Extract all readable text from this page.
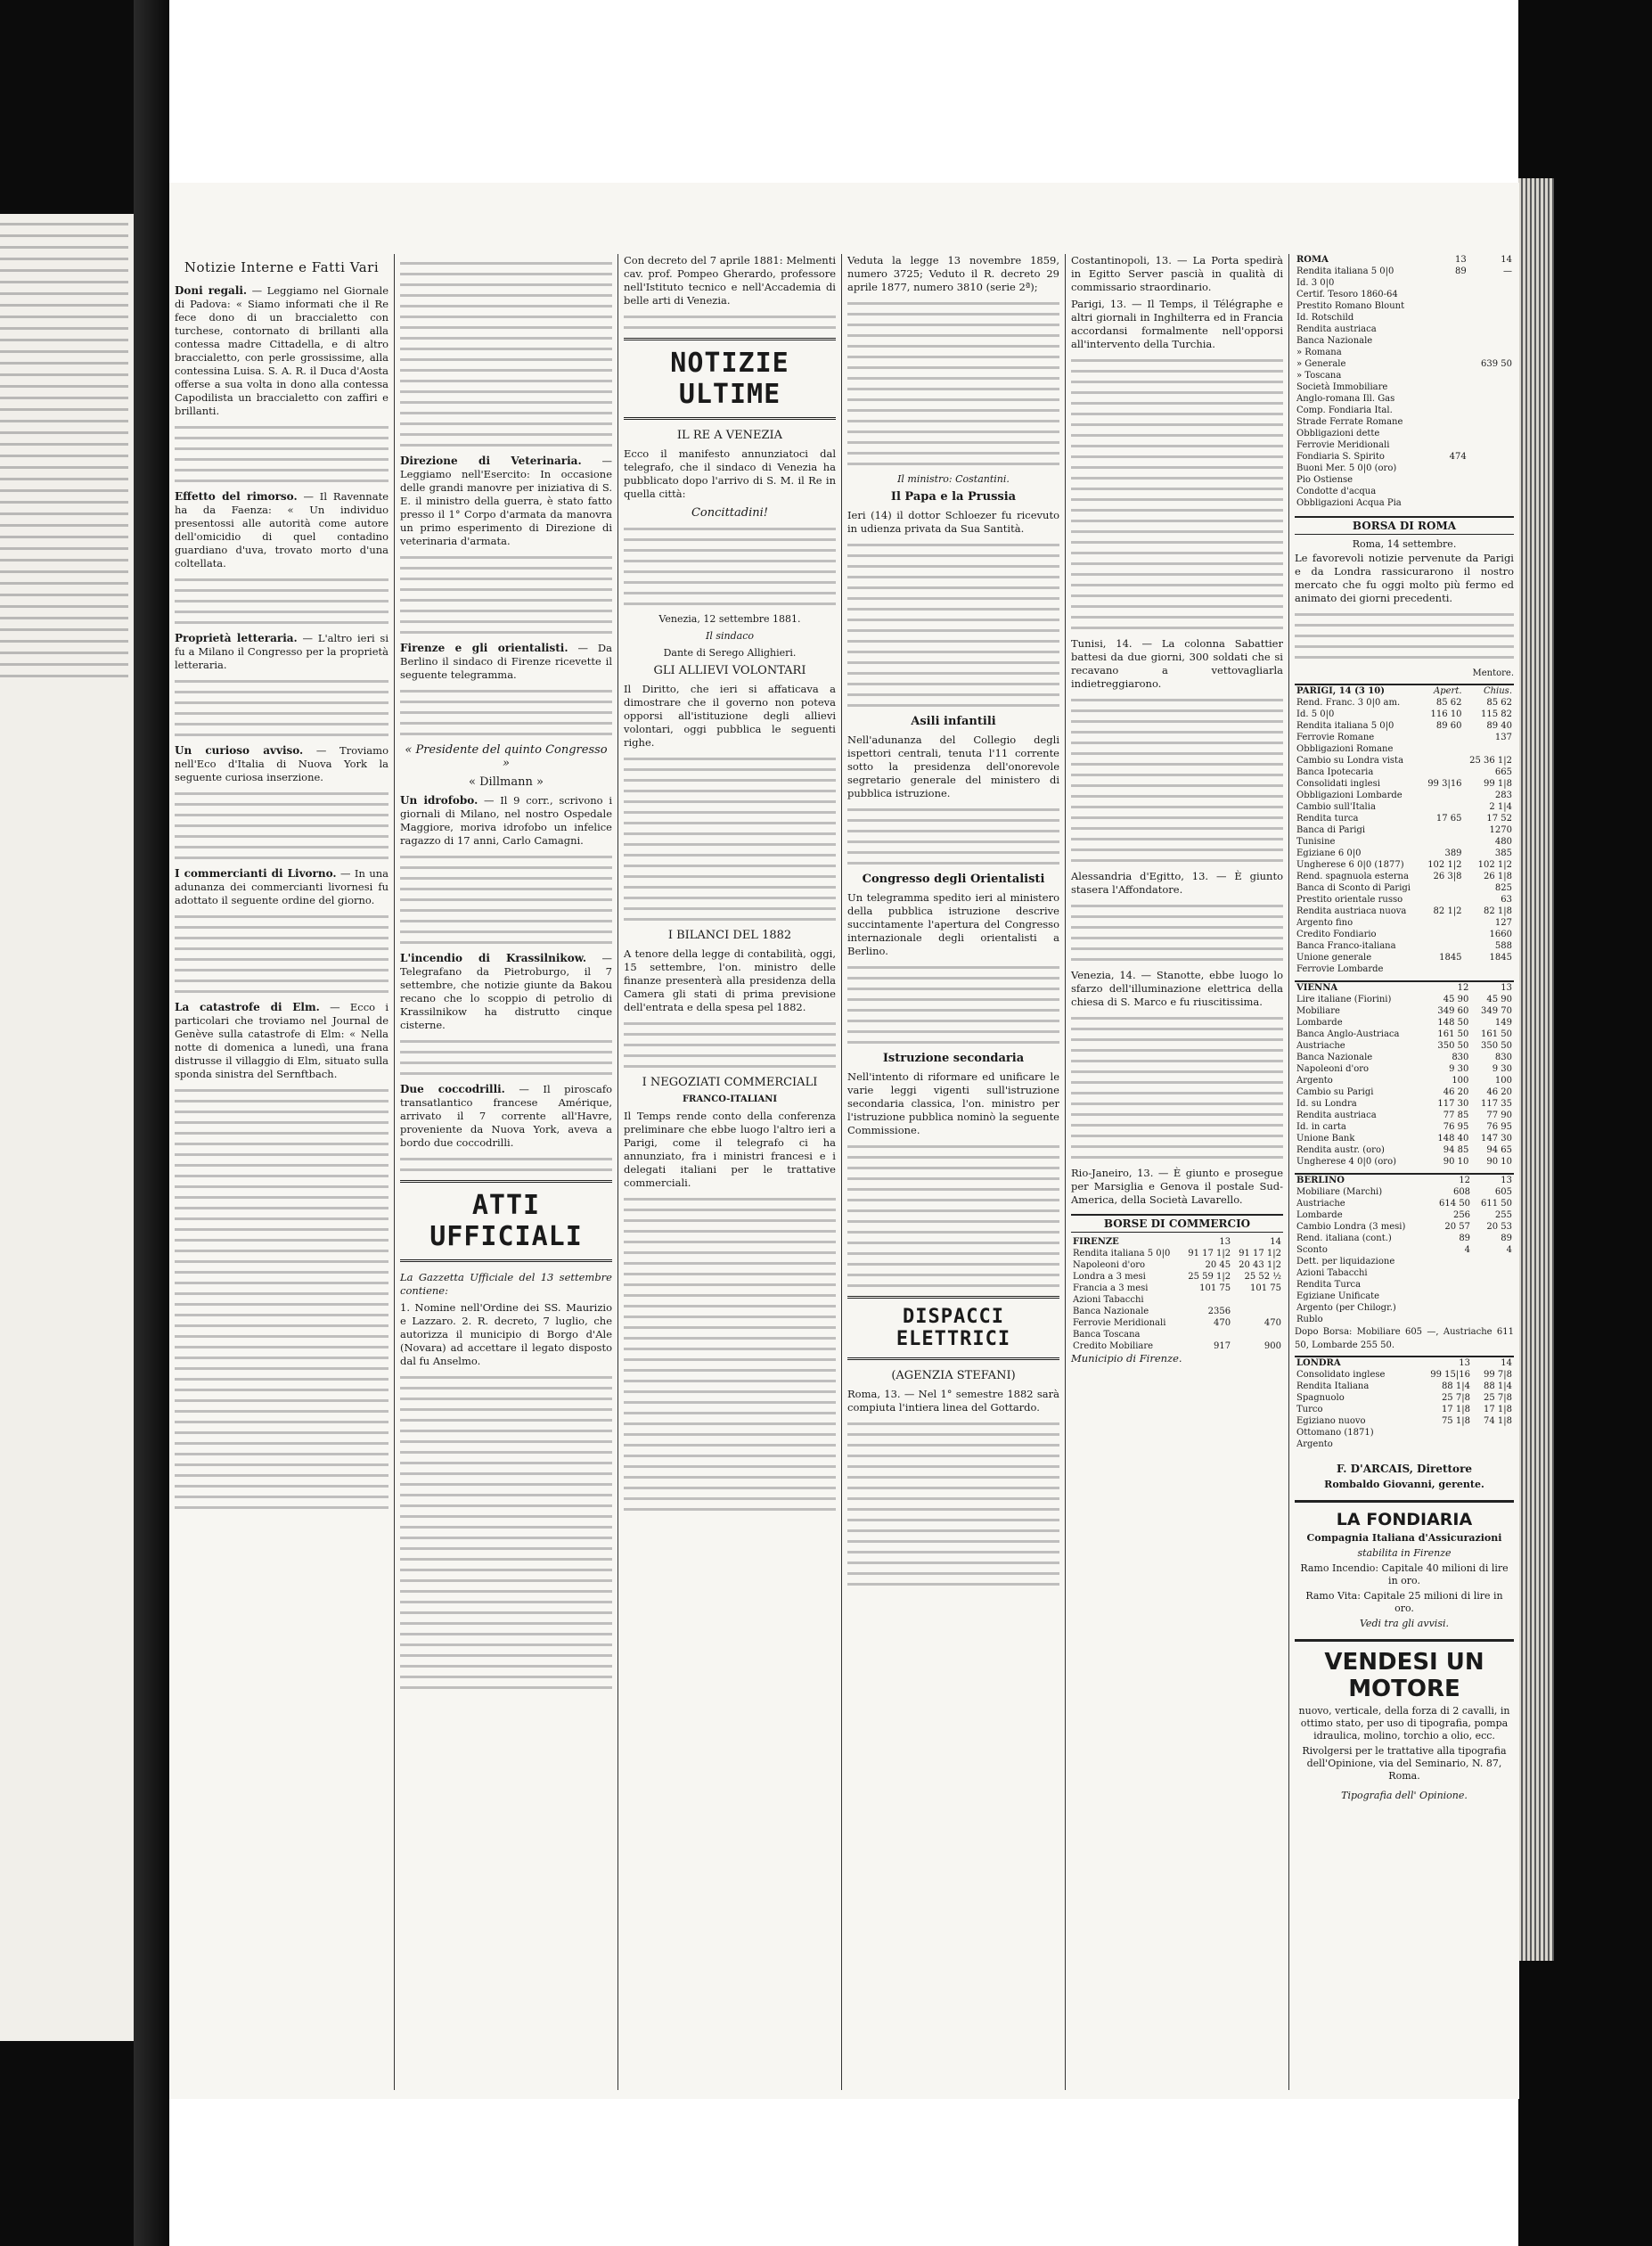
Notizie Interne e Fatti Vari

Doni regali. — Leggiamo nel Giornale di Padova: « Siamo informati che il Re fece dono di un braccialetto con turchese, contornato di brillanti alla contessa madre Cittadella, e di altro braccialetto, con perle grossissime, alla contessina Luisa. S. A. R. il Duca d'Aosta offerse a sua volta in dono alla contessa Capodilista un braccialetto con zaffiri e brillanti.

Effetto del rimorso. — Il Ravennate ha da Faenza: « Un individuo presentossi alle autorità come autore dell'omicidio di quel contadino guardiano d'uva, trovato morto d'una coltellata.

Proprietà letteraria. — L'altro ieri si fu a Milano il Congresso per la proprietà letteraria.

Un curioso avviso. — Troviamo nell'Eco d'Italia di Nuova York la seguente curiosa inserzione.

I commercianti di Livorno. — In una adunanza dei commercianti livornesi fu adottato il seguente ordine del giorno.

La catastrofe di Elm. — Ecco i particolari che troviamo nel Journal de Genève sulla catastrofe di Elm: « Nella notte di domenica a lunedì, una frana distrusse il villaggio di Elm, situato sulla sponda sinistra del Sernftbach.

Direzione di Veterinaria. — Leggiamo nell'Esercito: In occasione delle grandi manovre per iniziativa di S. E. il ministro della guerra, è stato fatto presso il 1° Corpo d'armata da manovra un primo esperimento di Direzione di veterinaria d'armata.

Firenze e gli orientalisti. — Da Berlino il sindaco di Firenze ricevette il seguente telegramma.

« Presidente del quinto Congresso »

« Dillmann »

Un idrofobo. — Il 9 corr., scrivono i giornali di Milano, nel nostro Ospedale Maggiore, moriva idrofobo un infelice ragazzo di 17 anni, Carlo Camagni.

L'incendio di Krassilnikow. — Telegrafano da Pietroburgo, il 7 settembre, che notizie giunte da Bakou recano che lo scoppio di petrolio di Krassilnikow ha distrutto cinque cisterne.

Due coccodrilli. — Il piroscafo transatlantico francese Amérique, arrivato il 7 corrente all'Havre, proveniente da Nuova York, aveva a bordo due coccodrilli.

ATTI UFFICIALI

La Gazzetta Ufficiale del 13 settembre contiene:

1. Nomine nell'Ordine dei SS. Maurizio e Lazzaro. 2. R. decreto, 7 luglio, che autorizza il municipio di Borgo d'Ale (Novara) ad accettare il legato disposto dal fu Anselmo.

Con decreto del 7 aprile 1881: Melmenti cav. prof. Pompeo Gherardo, professore nell'Istituto tecnico e nell'Accademia di belle arti di Venezia.

NOTIZIE ULTIME
IL RE A VENEZIA

Ecco il manifesto annunziatoci dal telegrafo, che il sindaco di Venezia ha pubblicato dopo l'arrivo di S. M. il Re in quella città:

Concittadini!

Venezia, 12 settembre 1881.

Il sindaco

Dante di Serego Allighieri.

GLI ALLIEVI VOLONTARI

Il Diritto, che ieri si affaticava a dimostrare che il governo non poteva opporsi all'istituzione degli allievi volontari, oggi pubblica le seguenti righe.

I BILANCI DEL 1882

A tenore della legge di contabilità, oggi, 15 settembre, l'on. ministro delle finanze presenterà alla presidenza della Camera gli stati di prima previsione dell'entrata e della spesa pel 1882.

I NEGOZIATI COMMERCIALI
FRANCO-ITALIANI

Il Temps rende conto della conferenza preliminare che ebbe luogo l'altro ieri a Parigi, come il telegrafo ci ha annunziato, fra i ministri francesi e i delegati italiani per le trattative commerciali.

Veduta la legge 13 novembre 1859, numero 3725; Veduto il R. decreto 29 aprile 1877, numero 3810 (serie 2ª);

Il ministro: Costantini.

Il Papa e la Prussia

Ieri (14) il dottor Schloezer fu ricevuto in udienza privata da Sua Santità.

Asili infantili

Nell'adunanza del Collegio degli ispettori centrali, tenuta l'11 corrente sotto la presidenza dell'onorevole segretario generale del ministero di pubblica istruzione.

Congresso degli Orientalisti

Un telegramma spedito ieri al ministero della pubblica istruzione descrive succintamente l'apertura del Congresso internazionale degli orientalisti a Berlino.

Istruzione secondaria

Nell'intento di riformare ed unificare le varie leggi vigenti sull'istruzione secondaria classica, l'on. ministro per l'istruzione pubblica nominò la seguente Commissione.

DISPACCI ELETTRICI
(AGENZIA STEFANI)

Roma, 13. — Nel 1° semestre 1882 sarà compiuta l'intiera linea del Gottardo.

Costantinopoli, 13. — La Porta spedirà in Egitto Server pascià in qualità di commissario straordinario.

Parigi, 13. — Il Temps, il Télégraphe e altri giornali in Inghilterra ed in Francia accordansi formalmente nell'opporsi all'intervento della Turchia.

Tunisi, 14. — La colonna Sabattier battesi da due giorni, 300 soldati che si recavano a vettovagliarla indietreggiarono.

Alessandria d'Egitto, 13. — È giunto stasera l'Affondatore.

Venezia, 14. — Stanotte, ebbe luogo lo sfarzo dell'illuminazione elettrica della chiesa di S. Marco e fu riuscitissima.

Rio-Janeiro, 13. — È giunto e prosegue per Marsiglia e Genova il postale Sud-America, della Società Lavarello.

BORSE DI COMMERCIO
FIRENZE	13	14
Rendita italiana 5 0|0	91 17 1|2	91 17 1|2
Napoleoni d'oro	20 45	20 43 1|2
Londra a 3 mesi	25 59 1|2	25 52 ½
Francia a 3 mesi	101 75	101 75
Azioni Tabacchi		
Banca Nazionale	2356	
Ferrovie Meridionali	470	470
Banca Toscana		
Credito Mobiliare	917	900

Municipio di Firenze.

ROMA	13	14
Rendita italiana 5 0|0	89	—
Id. 3 0|0		
Certif. Tesoro 1860-64		
Prestito Romano Blount		
Id. Rotschild		
Rendita austriaca		
Banca Nazionale		
» Romana		
» Generale		639 50
» Toscana		
Società Immobiliare		
Anglo-romana Ill. Gas		
Comp. Fondiaria Ital.		
Strade Ferrate Romane		
Obbligazioni dette		
Ferrovie Meridionali		
Fondiaria S. Spirito	474	
Buoni Mer. 5 0|0 (oro)		
Pio Ostiense		
Condotte d'acqua		
Obbligazioni Acqua Pia		
BORSA DI ROMA

Roma, 14 settembre.

Le favorevoli notizie pervenute da Parigi e da Londra rassicurarono il nostro mercato che fu oggi molto più fermo ed animato dei giorni precedenti.

Mentore.

PARIGI, 14 (3 10)	Apert.	Chius.
Rend. Franc. 3 0|0 am.	85 62	85 62
Id. 5 0|0	116 10	115 82
Rendita italiana 5 0|0	89 60	89 40
Ferrovie Romane		137
Obbligazioni Romane		
Cambio su Londra vista		25 36 1|2
Banca Ipotecaria		665
Consolidati inglesi	99 3|16	99 1|8
Obbligazioni Lombarde		283
Cambio sull'Italia		2 1|4
Rendita turca	17 65	17 52
Banca di Parigi		1270
Tunisine		480
Egiziane 6 0|0	389	385
Ungherese 6 0|0 (1877)	102 1|2	102 1|2
Rend. spagnuola esterna	26 3|8	26 1|8
Banca di Sconto di Parigi		825
Prestito orientale russo		63
Rendita austriaca nuova	82 1|2	82 1|8
Argento fino		127
Credito Fondiario		1660
Banca Franco-italiana		588
Unione generale	1845	1845
Ferrovie Lombarde		
VIENNA	12	13
Lire italiane (Fiorini)	45 90	45 90
Mobiliare	349 60	349 70
Lombarde	148 50	149
Banca Anglo-Austriaca	161 50	161 50
Austriache	350 50	350 50
Banca Nazionale	830	830
Napoleoni d'oro	9 30	9 30
Argento	100	100
Cambio su Parigi	46 20	46 20
Id. su Londra	117 30	117 35
Rendita austriaca	77 85	77 90
Id. in carta	76 95	76 95
Unione Bank	148 40	147 30
Rendita austr. (oro)	94 85	94 65
Ungherese 4 0|0 (oro)	90 10	90 10
BERLINO	12	13
Mobiliare (Marchi)	608	605
Austriache	614 50	611 50
Lombarde	256	255
Cambio Londra (3 mesi)	20 57	20 53
Rend. italiana (cont.)	89	89
Sconto	4	4
Dett. per liquidazione		
Azioni Tabacchi		
Rendita Turca		
Egiziane Unificate		
Argento (per Chilogr.)		
Rublo		

Dopo Borsa: Mobiliare 605 —, Austriache 611 50, Lombarde 255 50.

LONDRA	13	14
Consolidato inglese	99 15|16	99 7|8
Rendita Italiana	88 1|4	88 1|4
Spagnuolo	25 7|8	25 7|8
Turco	17 1|8	17 1|8
Egiziano nuovo	75 1|8	74 1|8
Ottomano (1871)		
Argento		
F. D'ARCAIS, Direttore
Rombaldo Giovanni, gerente.
LA FONDIARIA
Compagnia Italiana d'Assicurazioni
stabilita in Firenze
Ramo Incendio: Capitale 40 milioni di lire in oro.
Ramo Vita: Capitale 25 milioni di lire in oro.
Vedi tra gli avvisi.
VENDESI UN MOTORE
nuovo, verticale, della forza di 2 cavalli, in ottimo stato, per uso di tipografia, pompa idraulica, molino, torchio a olio, ecc.
Rivolgersi per le trattative alla tipografia dell'Opinione, via del Seminario, N. 87, Roma.
Tipografia dell' Opinione.
